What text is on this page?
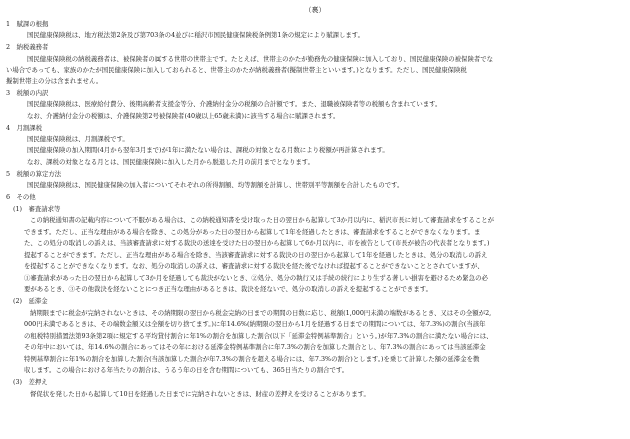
（裏）
1　賦課の根拠
国民健康保険税は、地方税法第2条及び第703条の4並びに稲沢市国民健康保険税条例第1条の規定により賦課します。
2　納税義務者
国民健康保険税の納税義務者は、被保険者の属する世帯の世帯主です。たとえば、世帯主のかたが勤務先の健康保険に加入しており、国民健康保険の被保険者でな
い場合であっても、家族のかたが国民健康保険に加入しておられると、世帯主のかたが納税義務者(擬制世帯主といいます。)となります。ただし、国民健康保険税
擬制世帯主の分は含まれません。
3　税額の内訳
国民健康保険税は、医療給付費分、後期高齢者支援金等分、介護納付金分の税額の合計額です。また、退職被保険者等の税額も含まれています。
なお、介護納付金分の税額は、介護保険第2号被保険者(40歳以上65歳未満)に該当する場合に賦課されます。
4　月割課税
国民健康保険税は、月割課税です。
国民健康保険の加入期間(4月から翌年3月まで)が1年に満たない場合は、課税の対象となる月数により税額が再計算されます。
なお、課税の対象となる月とは、国民健康保険に加入した月から脱退した月の前月までとなります。
5　税額の算定方法
国民健康保険税は、国民健康保険の加入者についてそれぞれの所得割額、均等割額を計算し、世帯別平等割額を合計したものです。
6　その他
(1)　審査請求等
この納税通知書の記載内容について不服がある場合は、この納税通知書を受け取った日の翌日から起算して3か月以内に、稲沢市長に対して審査請求をすることが
できます。ただし、正当な理由がある場合を除き、この処分があった日の翌日から起算して1年を経過したときは、審査請求をすることができなくなります。ま
た、この処分の取消しの訴えは、当該審査請求に対する裁決の送達を受けた日の翌日から起算して6か月以内に、市を被告として(市長が被告の代表者となります。)
提起することができます。ただし、正当な理由がある場合を除き、当該審査請求に対する裁決の日の翌日から起算して1年を経過したときは、処分の取消しの訴え
を提起することができなくなります。なお、処分の取消しの訴えは、審査請求に対する裁決を経た後でなければ提起することができないこととされていますが、
①審査請求があった日の翌日から起算して3か月を経過しても裁決がないとき、②処分、処分の執行又は手続の続行により生ずる著しい損害を避けるため緊急の必
要があるとき、③その他裁決を経ないことにつき正当な理由があるときは、裁決を経ないで、処分の取消しの訴えを提起することができます。
(2)　延滞金
納期限までに税金が完納されないときは、その納期限の翌日から税金完納の日までの期間の日数に応じ、税額(1,000円未満の端数があるとき、又はその全額が2,
000円未満であるときは、その端数金額又は全額を切り捨てます。)に年14.6%(納期限の翌日から1月を経過する日までの期間については、年7.3%)の割合(当該年
の租税特別措置法第93条第2項に規定する平均貸付割合に年1%の割合を加算した割合(以下「延滞金特例基準割合」という。)が年7.3%の割合に満たない場合には、
その年中においては、年14.6%の割合にあってはその年における延滞金特例基準割合に年7.3%の割合を加算した割合とし、年7.3%の割合にあっては当該延滞金
特例基準割合に年1%の割合を加算した割合(当該加算した割合が年7.3%の割合を超える場合には、年7.3%の割合)とします。)を乗じて計算した額の延滞金を徴
収します。この場合における年当たりの割合は、うるう年の日を含む期間についても、365日当たりの割合です。
(3)　差押え
督促状を発した日から起算して10日を経過した日までに完納されないときは、財産の差押えを受けることがあります。
